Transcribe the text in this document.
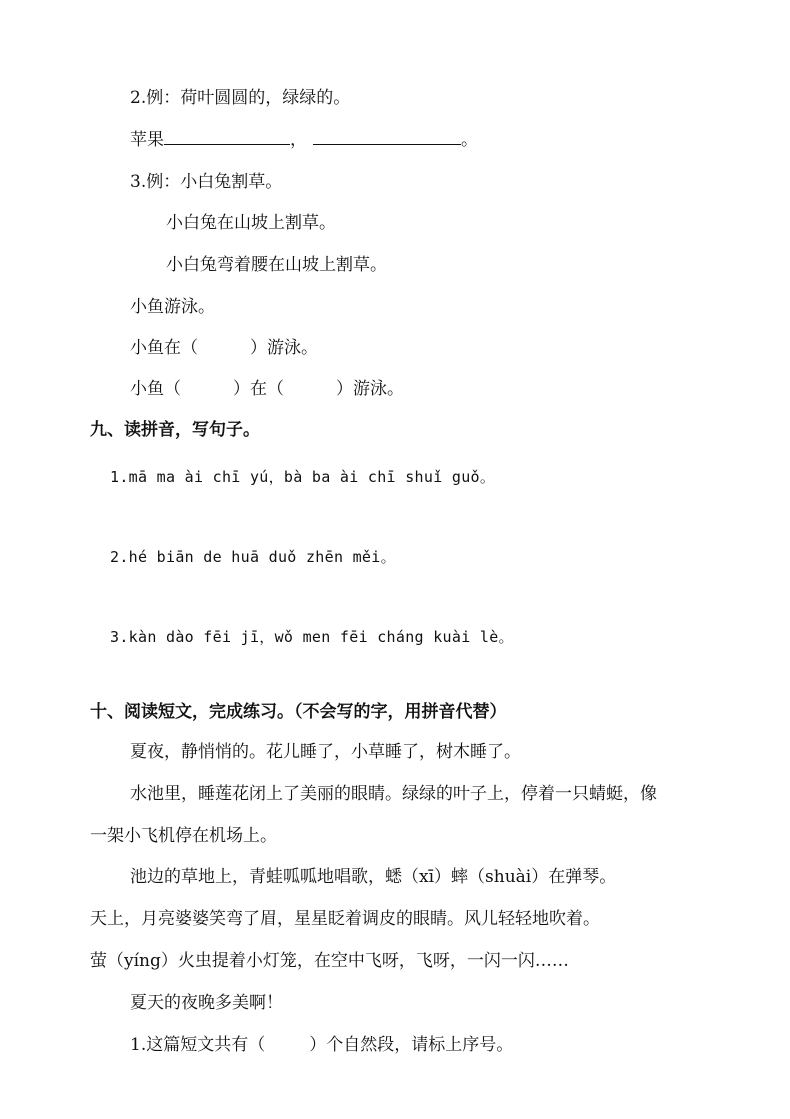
2.例：荷叶圆圆的，绿绿的。
苹果	，	。
3.例：小白兔割草。
小白兔在山坡上割草。
小白兔弯着腰在山坡上割草。
小鱼游泳。
小鱼在（	）游泳。
小鱼（	）在（	）游泳。
九、读拼音，写句子。
1.mā ma ài chī yú，bà ba ài chī shuǐ guǒ。
2.hé biān de huā duǒ zhēn měi。
3.kàn dào fēi jī，wǒ men fēi cháng kuài lè。
十、阅读短文，完成练习。（不会写的字，用拼音代替）
夏夜，静悄悄的。花儿睡了，小草睡了，树木睡了。
水池里，睡莲花闭上了美丽的眼睛。绿绿的叶子上，停着一只蜻蜓，像
一架小飞机停在机场上。
池边的草地上，青蛙呱呱地唱歌，蟋（xī）蟀（shuài）在弹琴。
天上，月亮婆婆笑弯了眉，星星眨着调皮的眼睛。风儿轻轻地吹着。
萤（yíng）火虫提着小灯笼，在空中飞呀，飞呀，一闪一闪……
夏天的夜晚多美啊！
1.这篇短文共有（	）个自然段，请标上序号。
